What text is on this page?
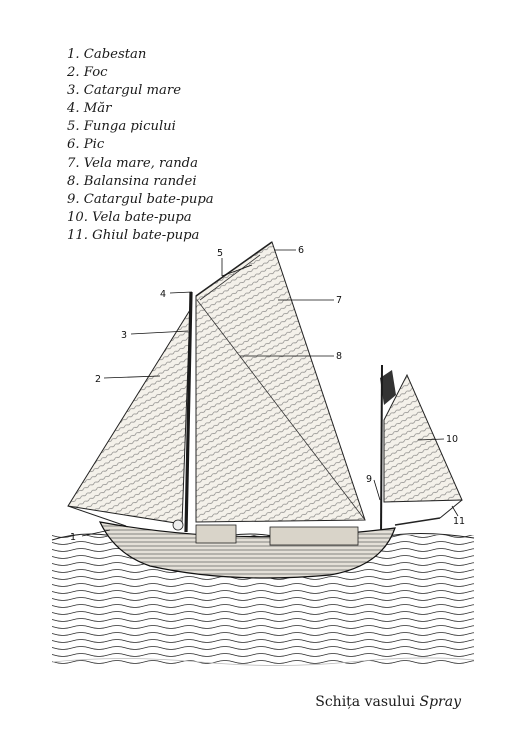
1. Cabestan
2. Foc
3. Catargul mare
4. Măr
5. Funga picului
6. Pic
7. Vela mare, randa
8. Balansina randei
9. Catargul bate-pupa
10. Vela bate-pupa
11. Ghiul bate-pupa
1
2
3
4
5	6
7
8
9
10
11
Schița vasului Spray
